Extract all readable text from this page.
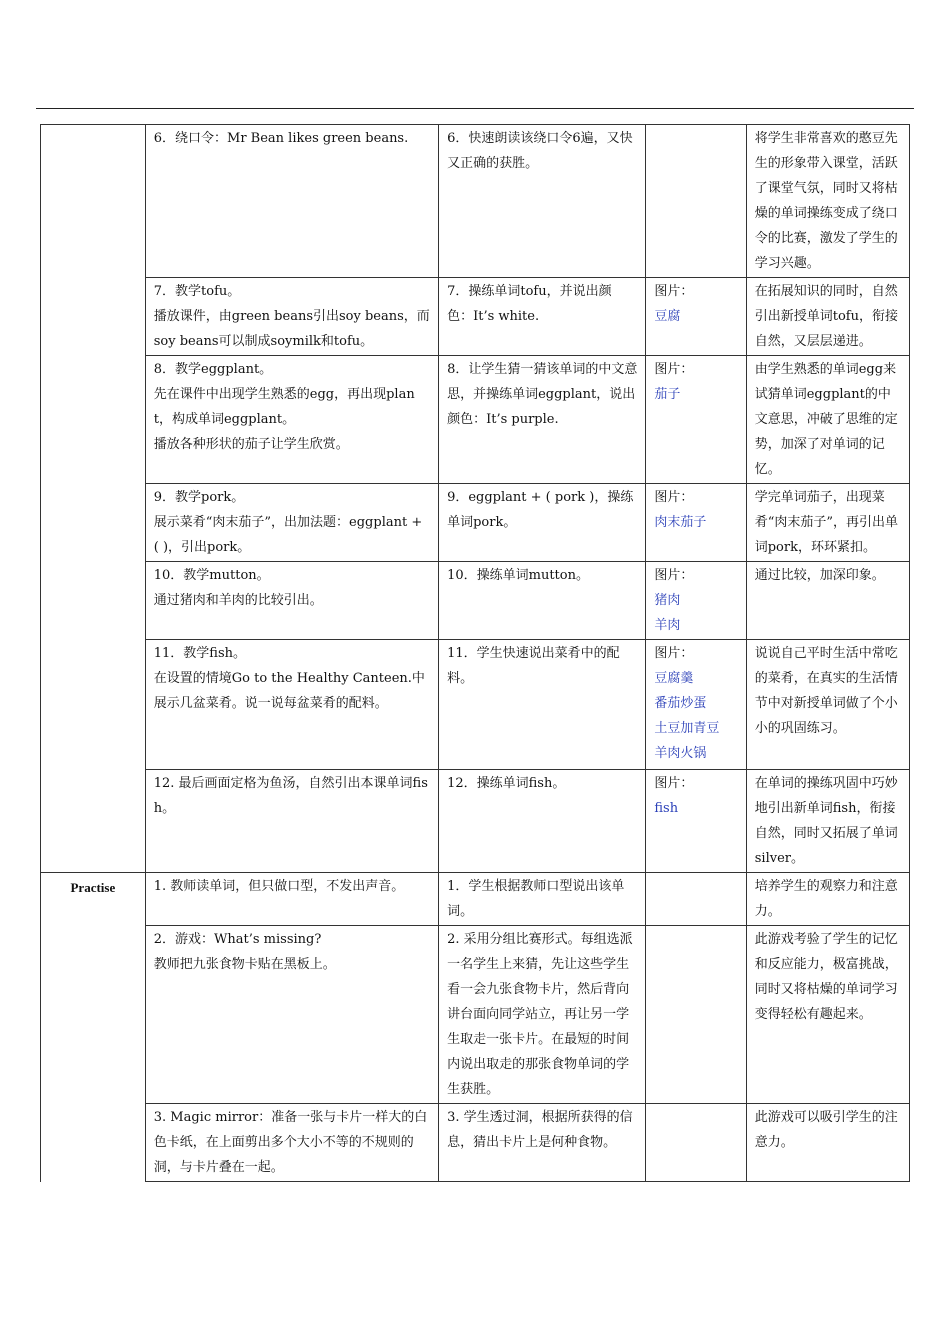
	6．绕口令：Mr Bean likes green beans.	6．快速朗读该绕口令6遍，又快又正确的获胜。		将学生非常喜欢的憨豆先生的形象带入课堂，活跃了课堂气氛，同时又将枯燥的单词操练变成了绕口令的比赛，激发了学生的学习兴趣。

	7．教学tofu。
播放课件，由green beans引出soy beans，而soy beans可以制成soymilk和tofu。	7．操练单词tofu，并说出颜色：It’s white.	图片：
豆腐	在拓展知识的同时，自然引出新授单词tofu，衔接自然，又层层递进。

	8．教学eggplant。
先在课件中出现学生熟悉的egg，再出现plant，构成单词eggplant。
播放各种形状的茄子让学生欣赏。	8．让学生猜一猜该单词的中文意思，并操练单词eggplant，说出颜色：It’s purple.	图片：
茄子	由学生熟悉的单词egg来试猜单词eggplant的中文意思，冲破了思维的定势，加深了对单词的记忆。

	9．教学pork。
展示菜肴“肉末茄子”，出加法题：eggplant + ( )，引出pork。	9．eggplant + ( pork )，操练单词pork。	图片：
肉末茄子	学完单词茄子，出现菜肴“肉末茄子”，再引出单词pork，环环紧扣。

	10．教学mutton。
通过猪肉和羊肉的比较引出。	10．操练单词mutton。	图片：
猪肉
羊肉	通过比较，加深印象。

	11．教学fish。
在设置的情境Go to the Healthy Canteen.中展示几盆菜肴。说一说每盆菜肴的配料。	11．学生快速说出菜肴中的配料。	图片：
豆腐羹
番茄炒蛋
土豆加青豆
羊肉火锅	说说自己平时生活中常吃的菜肴，在真实的生活情节中对新授单词做了个小小的巩固练习。

	12. 最后画面定格为鱼汤，自然引出本课单词fish。	12．操练单词fish。	图片：
fish	在单词的操练巩固中巧妙地引出新单词fish，衔接自然，同时又拓展了单词silver。

Practise	1. 教师读单词，但只做口型，不发出声音。	1．学生根据教师口型说出该单词。		培养学生的观察力和注意力。

	2．游戏：What’s missing?
教师把九张食物卡贴在黑板上。	2. 采用分组比赛形式。每组选派一名学生上来猜，先让这些学生看一会九张食物卡片，然后背向讲台面向同学站立，再让另一学生取走一张卡片。在最短的时间内说出取走的那张食物单词的学生获胜。		此游戏考验了学生的记忆和反应能力，极富挑战，同时又将枯燥的单词学习变得轻松有趣起来。

	3. Magic mirror：准备一张与卡片一样大的白色卡纸，在上面剪出多个大小不等的不规则的洞，与卡片叠在一起。	3. 学生透过洞，根据所获得的信息，猜出卡片上是何种食物。		此游戏可以吸引学生的注意力。
